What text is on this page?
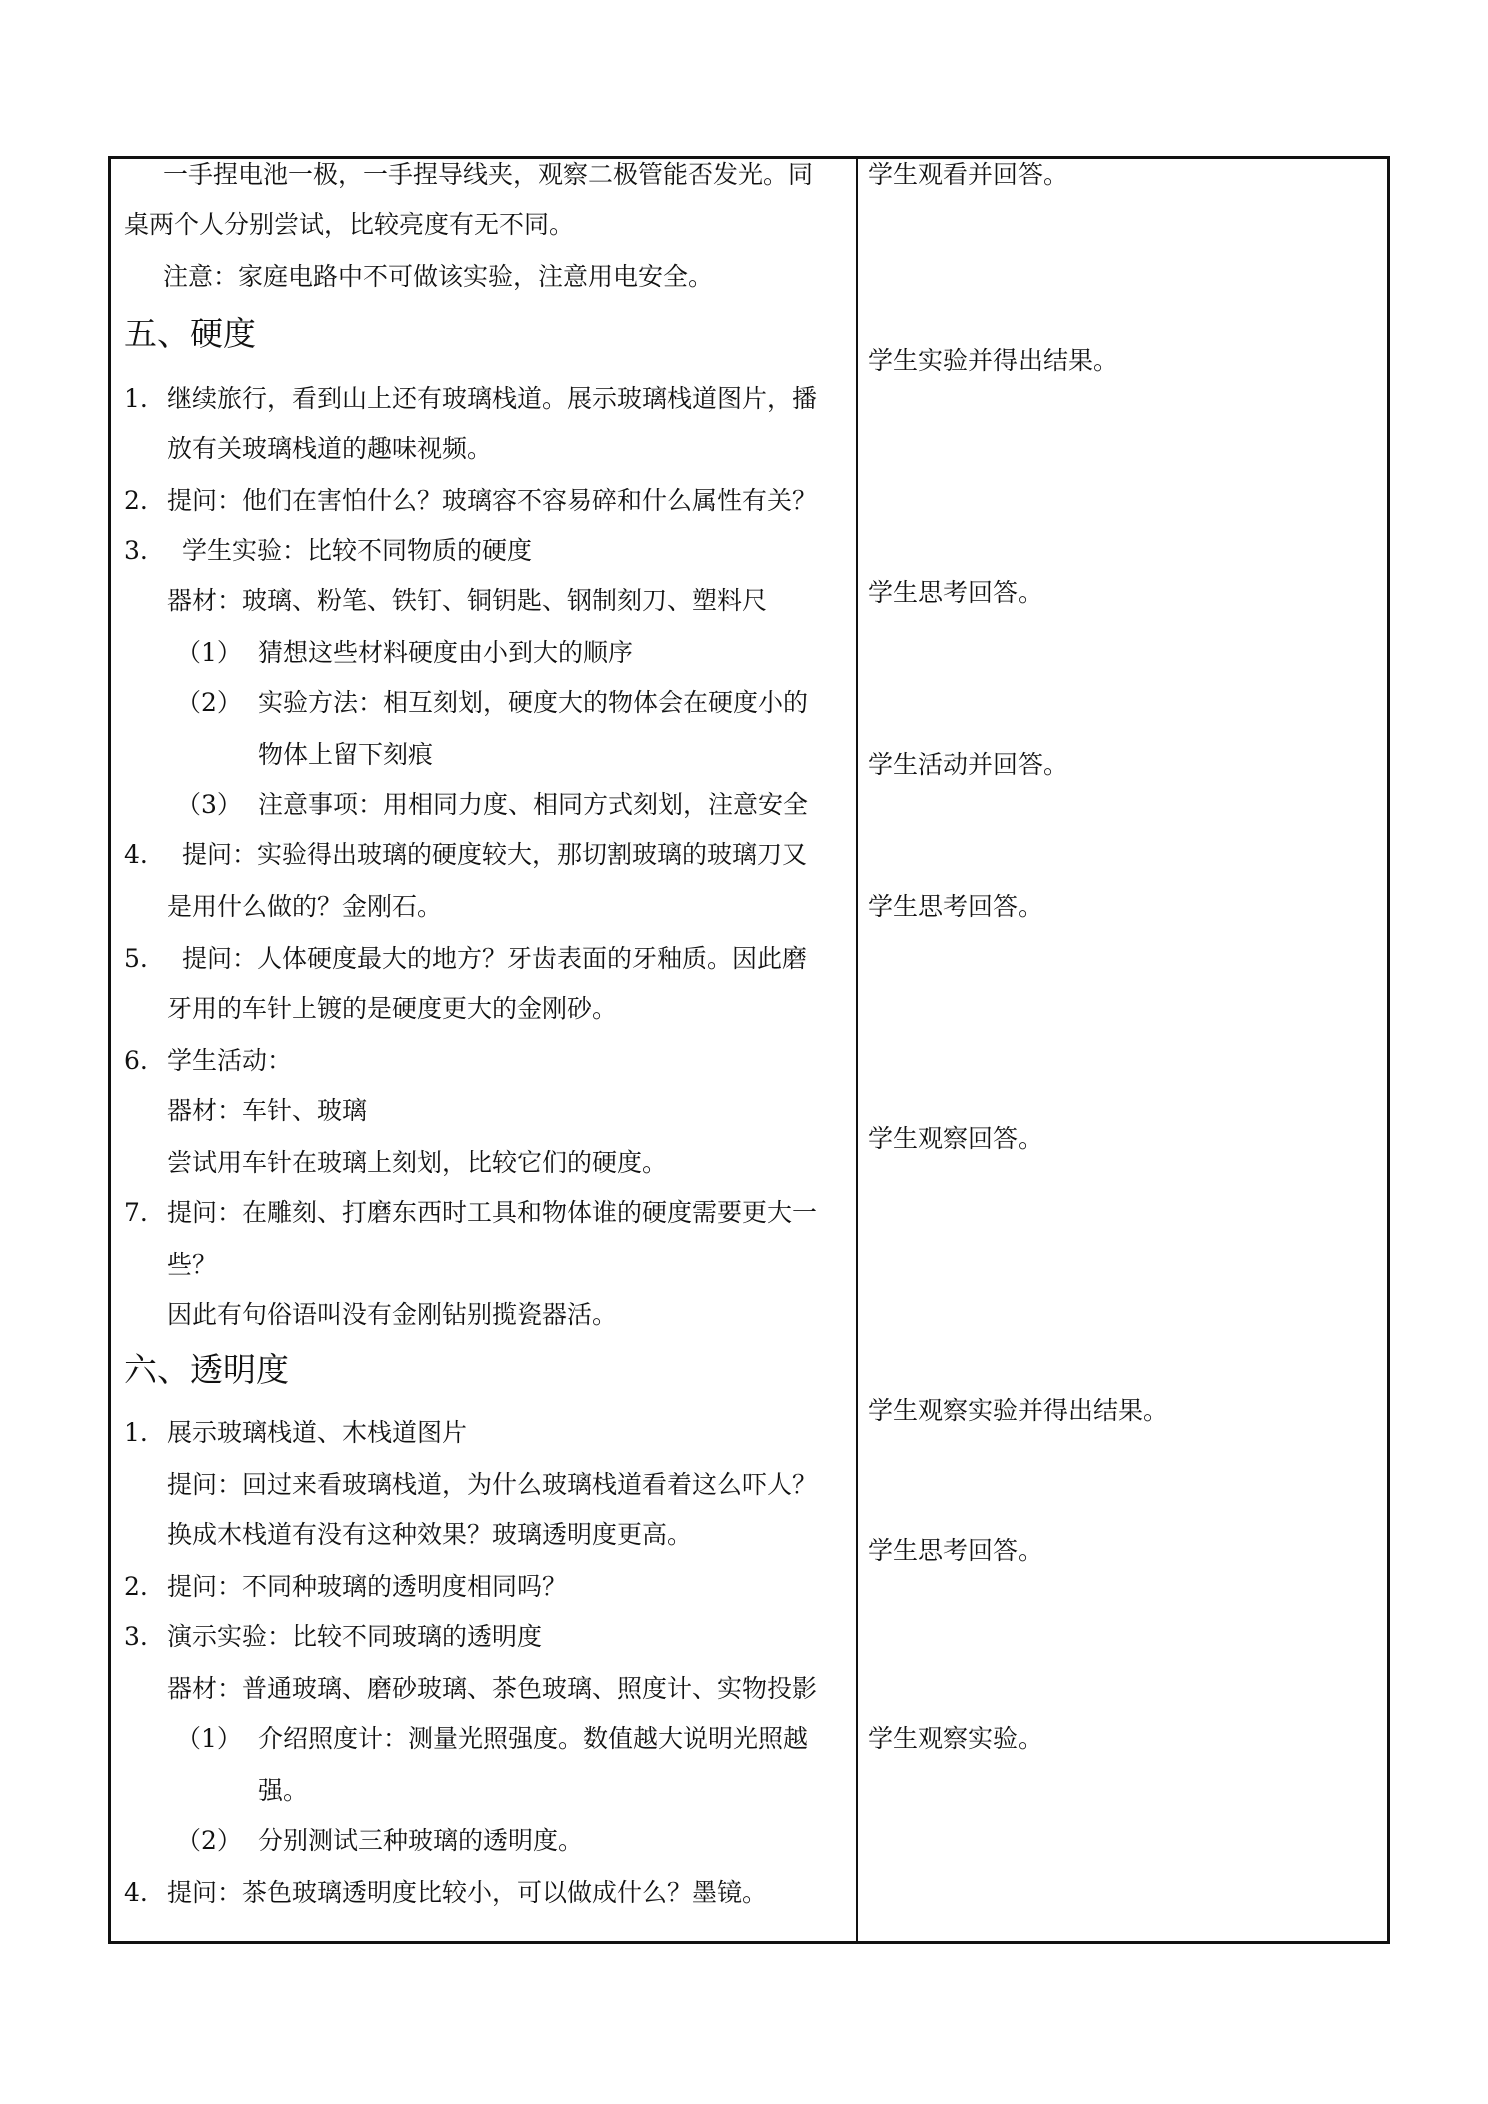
一手捏电池一极，一手捏导线夹，观察二极管能否发光。同
桌两个人分别尝试，比较亮度有无不同。
注意：家庭电路中不可做该实验，注意用电安全。
五、硬度
1. 继续旅行，看到山上还有玻璃栈道。展示玻璃栈道图片，播
放有关玻璃栈道的趣味视频。
2. 提问：他们在害怕什么？玻璃容不容易碎和什么属性有关？
3. 学生实验：比较不同物质的硬度
器材：玻璃、粉笔、铁钉、铜钥匙、钢制刻刀、塑料尺
（1） 猜想这些材料硬度由小到大的顺序
（2） 实验方法：相互刻划，硬度大的物体会在硬度小的
物体上留下刻痕
（3） 注意事项：用相同力度、相同方式刻划，注意安全
4. 提问：实验得出玻璃的硬度较大，那切割玻璃的玻璃刀又
是用什么做的？金刚石。
5. 提问：人体硬度最大的地方？牙齿表面的牙釉质。因此磨
牙用的车针上镀的是硬度更大的金刚砂。
6. 学生活动：
器材：车针、玻璃
尝试用车针在玻璃上刻划，比较它们的硬度。
7. 提问：在雕刻、打磨东西时工具和物体谁的硬度需要更大一
些？
因此有句俗语叫没有金刚钻别揽瓷器活。
六、透明度
1. 展示玻璃栈道、木栈道图片
提问：回过来看玻璃栈道，为什么玻璃栈道看着这么吓人？
换成木栈道有没有这种效果？玻璃透明度更高。
2. 提问：不同种玻璃的透明度相同吗？
3. 演示实验：比较不同玻璃的透明度
器材：普通玻璃、磨砂玻璃、茶色玻璃、照度计、实物投影
（1） 介绍照度计：测量光照强度。数值越大说明光照越
强。
（2） 分别测试三种玻璃的透明度。
4. 提问：茶色玻璃透明度比较小，可以做成什么？墨镜。
学生观看并回答。
学生实验并得出结果。
学生思考回答。
学生活动并回答。
学生思考回答。
学生观察回答。
学生观察实验并得出结果。
学生思考回答。
学生观察实验。
